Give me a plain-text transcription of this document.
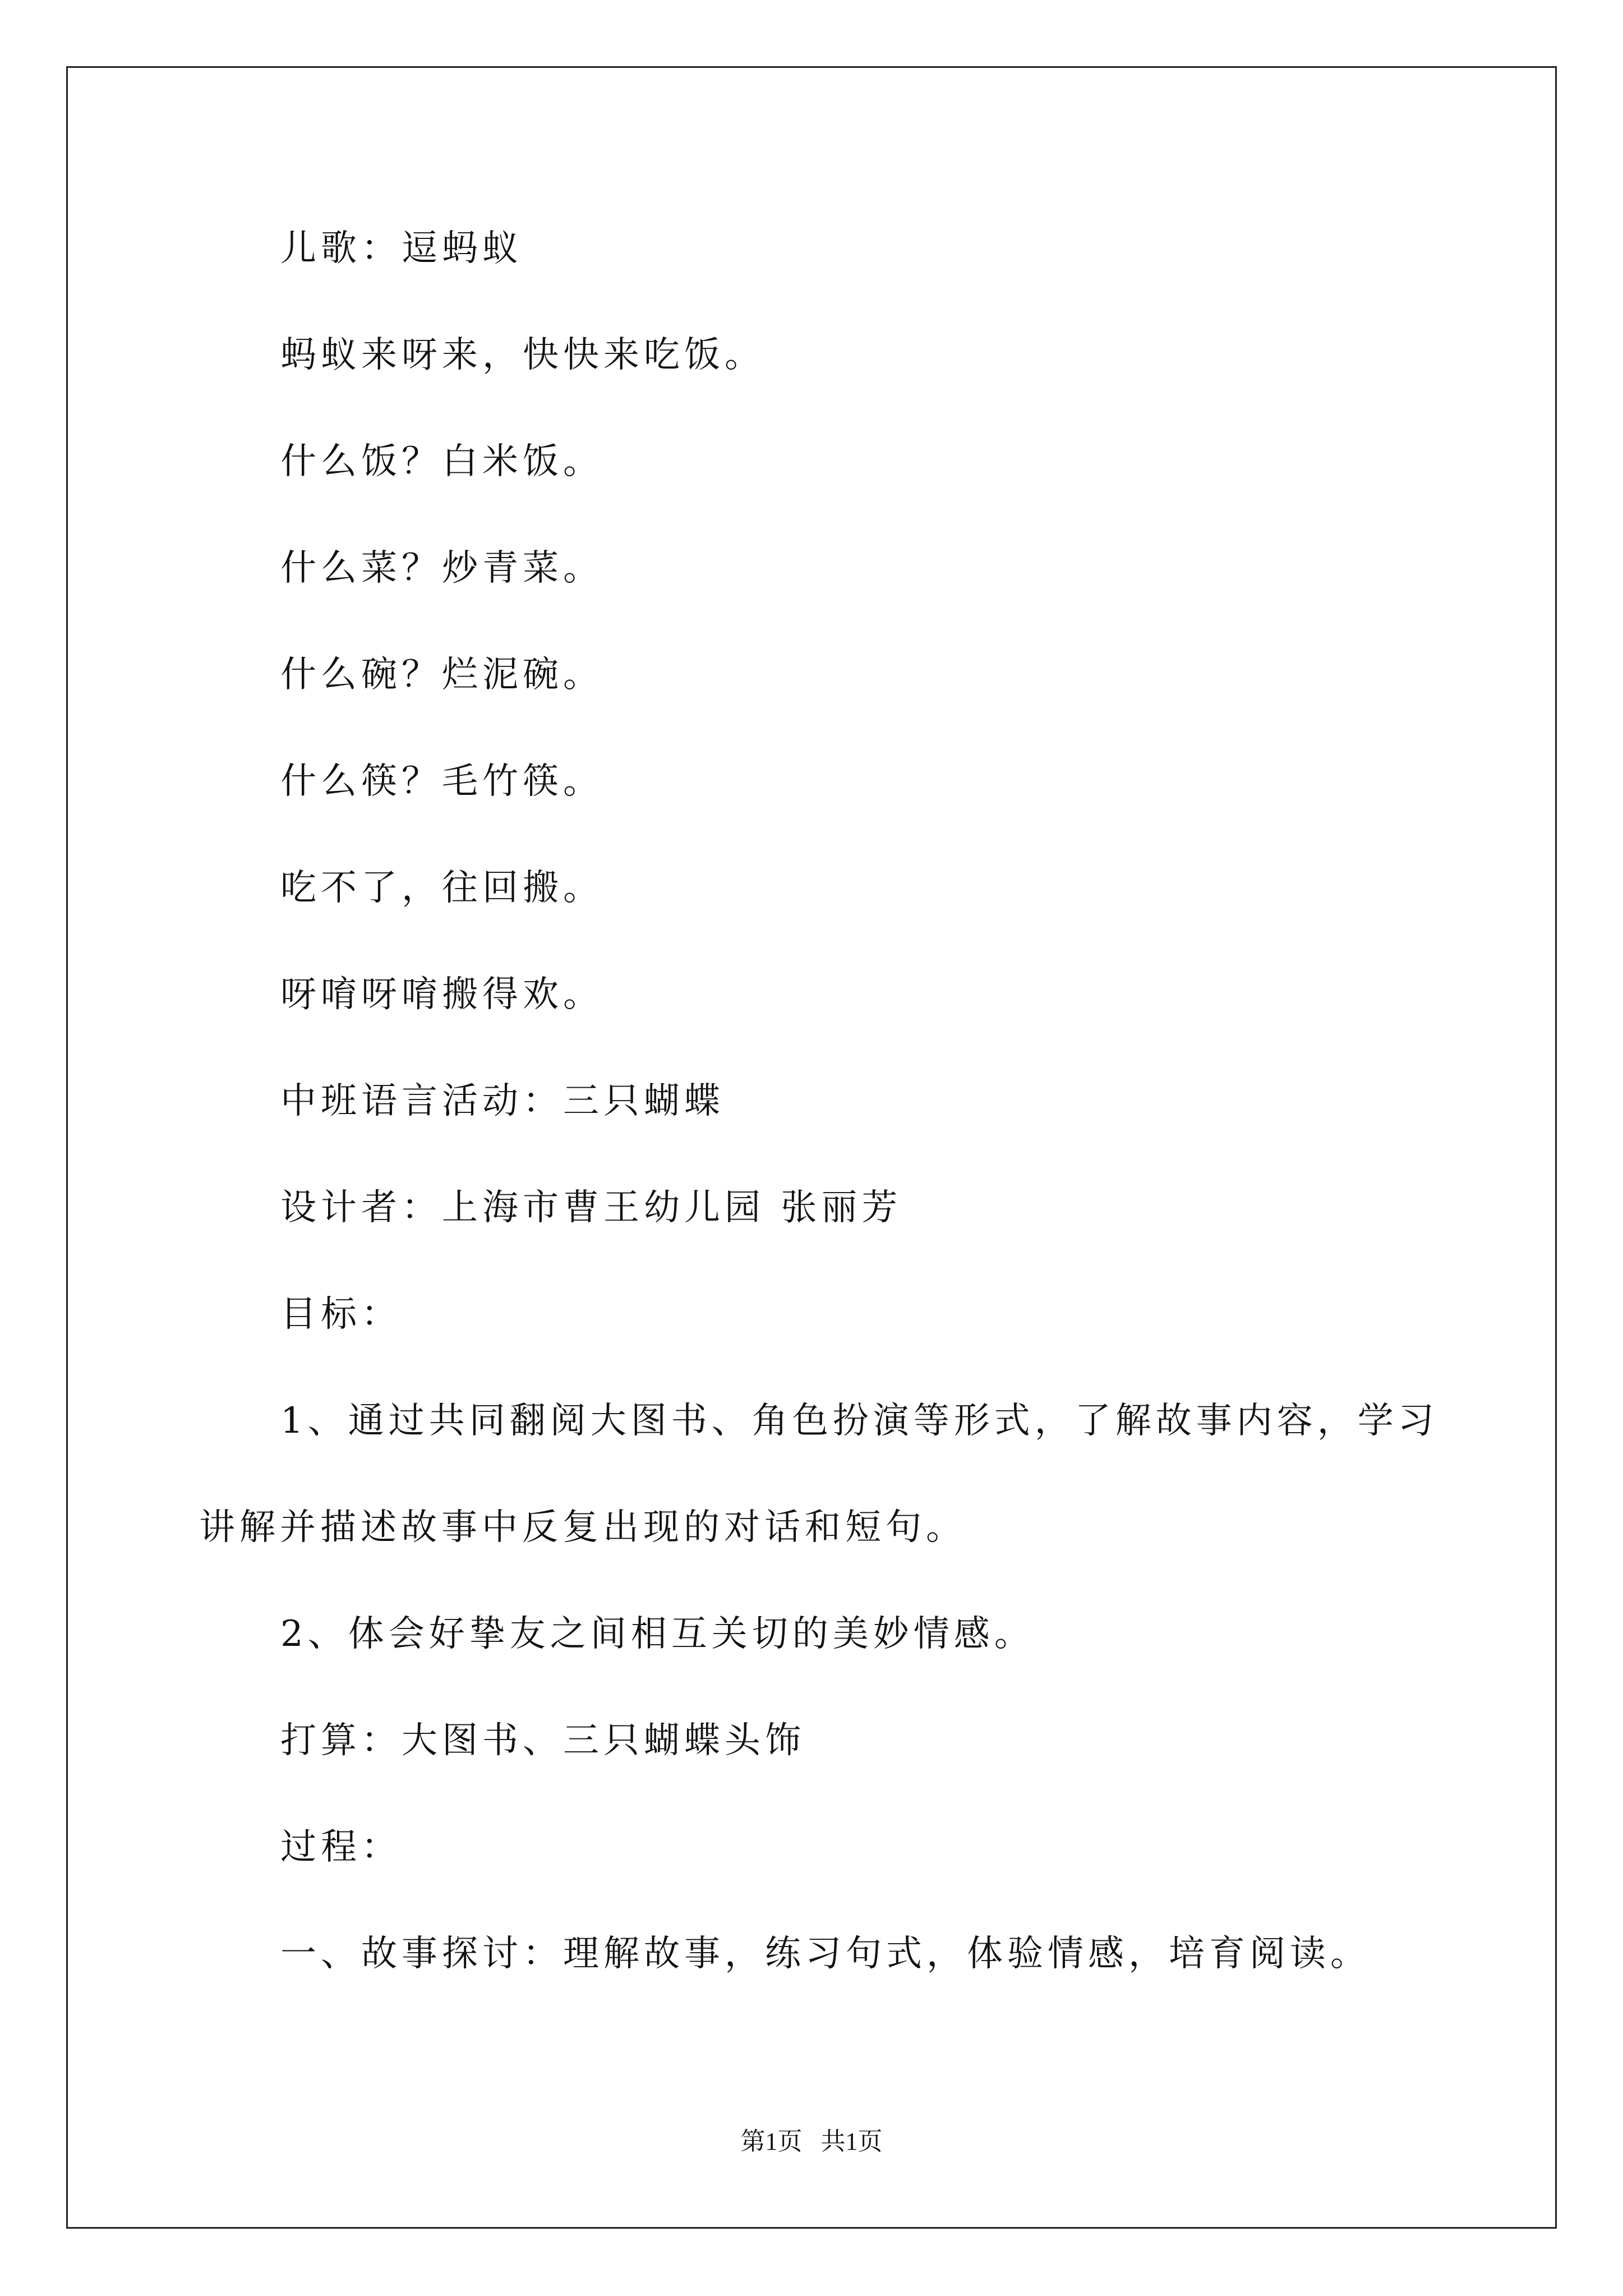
儿歌：逗蚂蚁
蚂蚁来呀来，快快来吃饭。
什么饭？白米饭。
什么菜？炒青菜。
什么碗？烂泥碗。
什么筷？毛竹筷。
吃不了，往回搬。
呀唷呀唷搬得欢。
中班语言活动：三只蝴蝶
设计者：上海市曹王幼儿园 张丽芳
目标：
1、通过共同翻阅大图书、角色扮演等形式，了解故事内容，学习
讲解并描述故事中反复出现的对话和短句。
2、体会好挚友之间相互关切的美妙情感。
打算：大图书、三只蝴蝶头饰
过程：
一、故事探讨：理解故事，练习句式，体验情感，培育阅读。
第1页   共1页
